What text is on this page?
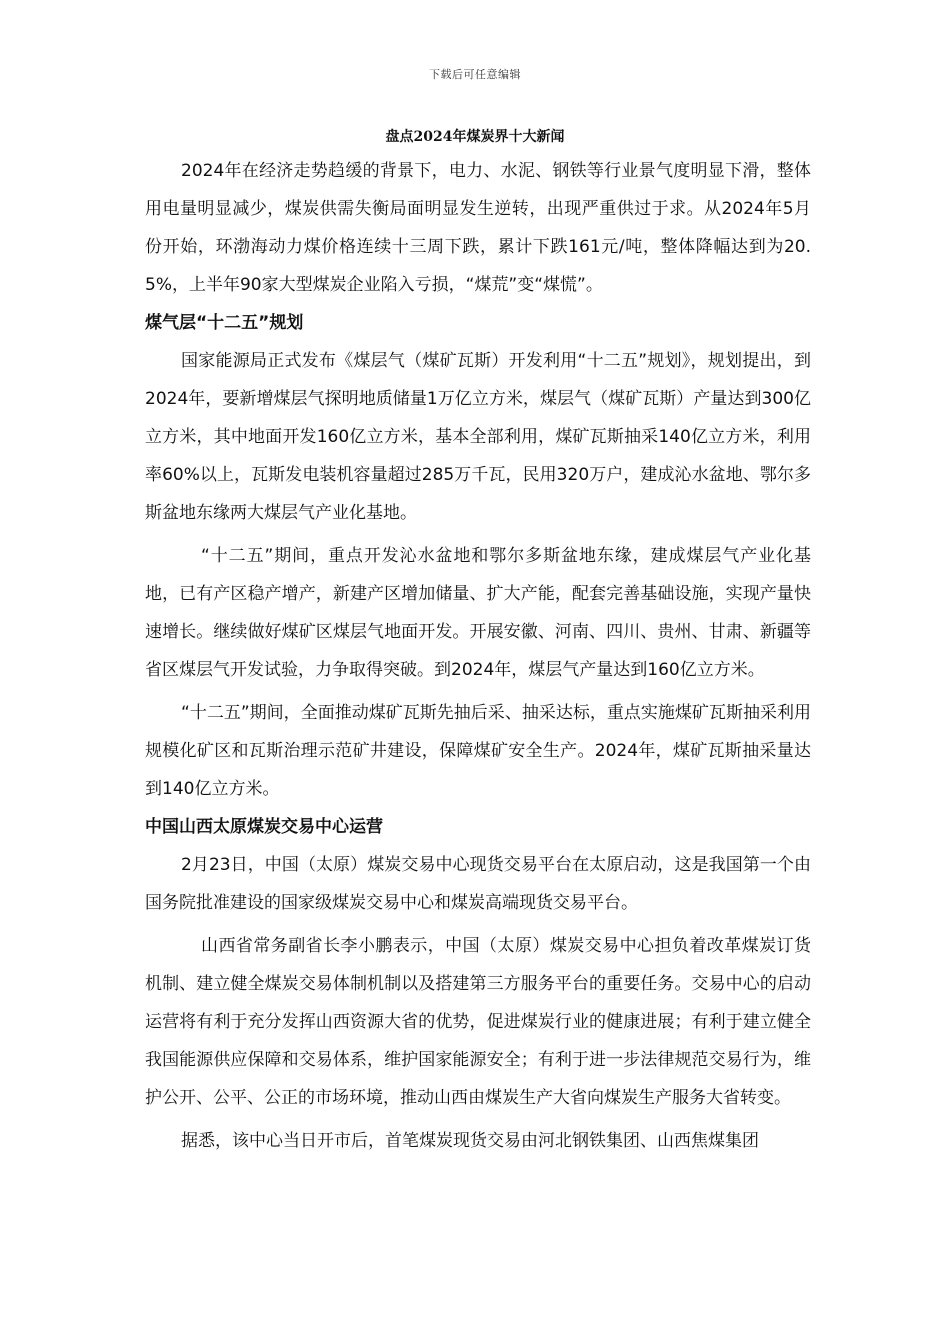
下载后可任意编辑
盘点2024年煤炭界十大新闻

2024年在经济走势趋缓的背景下，电力、水泥、钢铁等行业景气度明显下滑，整体用电量明显减少，煤炭供需失衡局面明显发生逆转，出现严重供过于求。从2024年5月份开始，环渤海动力煤价格连续十三周下跌，累计下跌161元/吨，整体降幅达到为20.5%，上半年90家大型煤炭企业陷入亏损，“煤荒”变“煤慌”。

煤气层“十二五”规划

国家能源局正式发布《煤层气（煤矿瓦斯）开发利用“十二五”规划》，规划提出，到2024年，要新增煤层气探明地质储量1万亿立方米，煤层气（煤矿瓦斯）产量达到300亿立方米，其中地面开发160亿立方米，基本全部利用，煤矿瓦斯抽采140亿立方米，利用率60%以上，瓦斯发电装机容量超过285万千瓦，民用320万户，建成沁水盆地、鄂尔多斯盆地东缘两大煤层气产业化基地。

“十二五”期间，重点开发沁水盆地和鄂尔多斯盆地东缘，建成煤层气产业化基地，已有产区稳产增产，新建产区增加储量、扩大产能，配套完善基础设施，实现产量快速增长。继续做好煤矿区煤层气地面开发。开展安徽、河南、四川、贵州、甘肃、新疆等省区煤层气开发试验，力争取得突破。到2024年，煤层气产量达到160亿立方米。

“十二五”期间，全面推动煤矿瓦斯先抽后采、抽采达标，重点实施煤矿瓦斯抽采利用规模化矿区和瓦斯治理示范矿井建设，保障煤矿安全生产。2024年，煤矿瓦斯抽采量达到140亿立方米。

中国山西太原煤炭交易中心运营

2月23日，中国（太原）煤炭交易中心现货交易平台在太原启动，这是我国第一个由国务院批准建设的国家级煤炭交易中心和煤炭高端现货交易平台。

山西省常务副省长李小鹏表示，中国（太原）煤炭交易中心担负着改革煤炭订货机制、建立健全煤炭交易体制机制以及搭建第三方服务平台的重要任务。交易中心的启动运营将有利于充分发挥山西资源大省的优势，促进煤炭行业的健康进展；有利于建立健全我国能源供应保障和交易体系，维护国家能源安全；有利于进一步法律规范交易行为，维护公开、公平、公正的市场环境，推动山西由煤炭生产大省向煤炭生产服务大省转变。

据悉，该中心当日开市后，首笔煤炭现货交易由河北钢铁集团、山西焦煤集团
